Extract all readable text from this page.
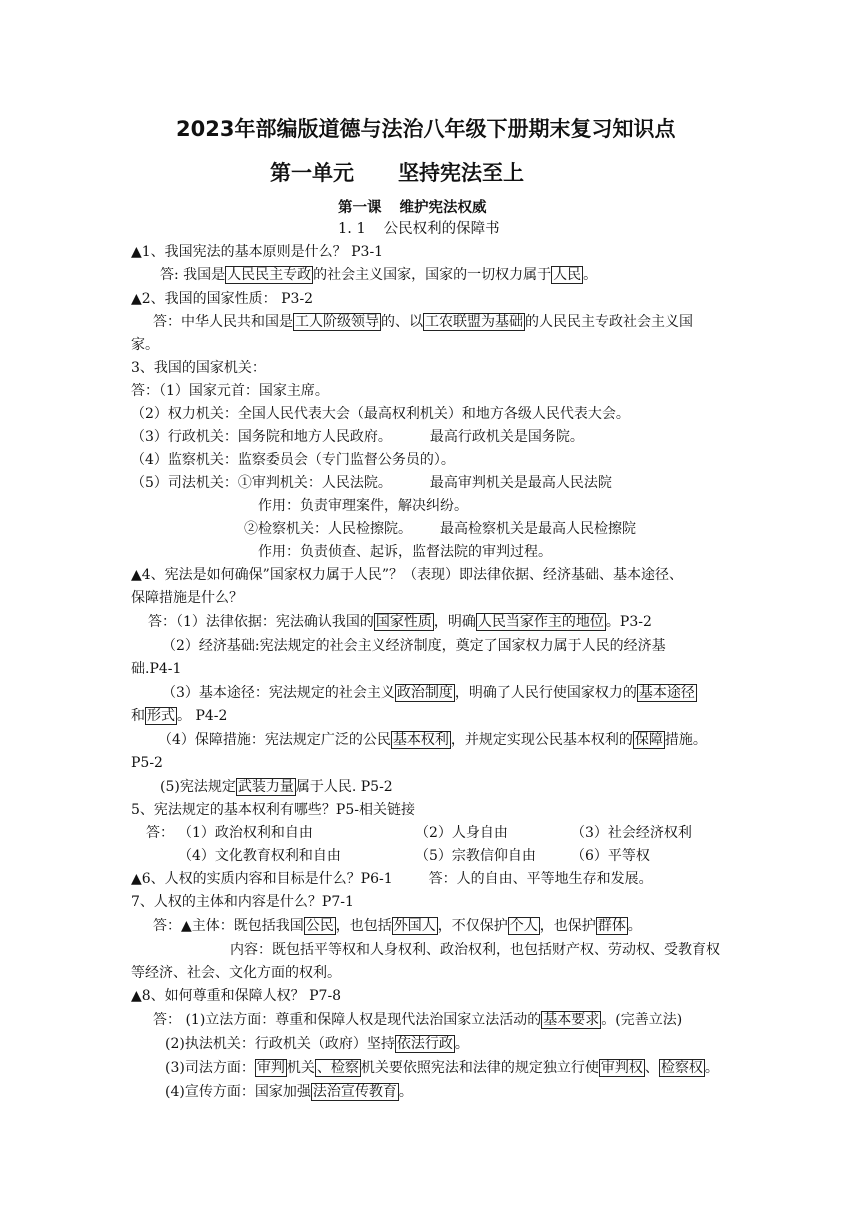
2023年部编版道德与法治八年级下册期末复习知识点
第一单元 坚持宪法至上
第一课 维护宪法权威
1. 1 公民权利的保障书
▲1、我国宪法的基本原则是什么？ P3-1
答: 我国是 人民民主专政 的社会主义国家，国家的一切权力属于 人民 。
▲2、我国的国家性质： P3-2
答：中华人民共和国是 工人阶级领导 的、以 工农联盟为基础 的人民民主专政社会主义国
家。
3、我国的国家机关：
答：（1）国家元首：国家主席。
（2）权力机关：全国人民代表大会（最高权利机关）和地方各级人民代表大会。
（3）行政机关：国务院和地方人民政府。	最高行政机关是国务院。
（4）监察机关：监察委员会（专门监督公务员的）。
（5）司法机关：①审判机关：人民法院。	最高审判机关是最高人民法院
作用：负责审理案件，解决纠纷。
②检察机关：人民检擦院。 最高检察机关是最高人民检擦院
作用：负责侦查、起诉，监督法院的审判过程。
▲4、宪法是如何确保”国家权力属于人民”？（表现）即法律依据、经济基础、基本途径、
保障措施是什么？
答：（1）法律依据：宪法确认我国的 国家性质 ，明确 人民当家作主的地位 。P3-2
（2）经济基础:宪法规定的社会主义经济制度，奠定了国家权力属于人民的经济基
础.P4-1
（3）基本途径：宪法规定的社会主义 政治制度 ，明确了人民行使国家权力的 基本途径
和 形式 。 P4-2
（4）保障措施：宪法规定广泛的公民 基本权利 ，并规定实现公民基本权利的 保障 措施。
P5-2
(5)宪法规定 武装力量 属于人民. P5-2
5、宪法规定的基本权利有哪些？P5-相关链接
答： （1）政治权利和自由	（2）人身自由	（3）社会经济权利
（4）文化教育权利和自由	（5）宗教信仰自由	（6）平等权
▲6、人权的实质内容和目标是什么？P6-1	答：人的自由、平等地生存和发展。
7、人权的主体和内容是什么？P7-1
答：▲主体：既包括我国 公民 ，也包括 外国人 ，不仅保护 个人 ，也保护 群体 。
内容：既包括平等权和人身权利、政治权利，也包括财产权、劳动权、受教育权
等经济、社会、文化方面的权利。
▲8、如何尊重和保障人权？ P7-8
答： (1)立法方面：尊重和保障人权是现代法治国家立法活动的 基本要求 。(完善立法)
(2)执法机关：行政机关（政府）坚持 依法行政 。
(3)司法方面： 审判 机关 、检察 机关要依照宪法和法律的规定独立行使 审判权 、 检察权 。
(4)宣传方面：国家加强 法治宣传教育 。
